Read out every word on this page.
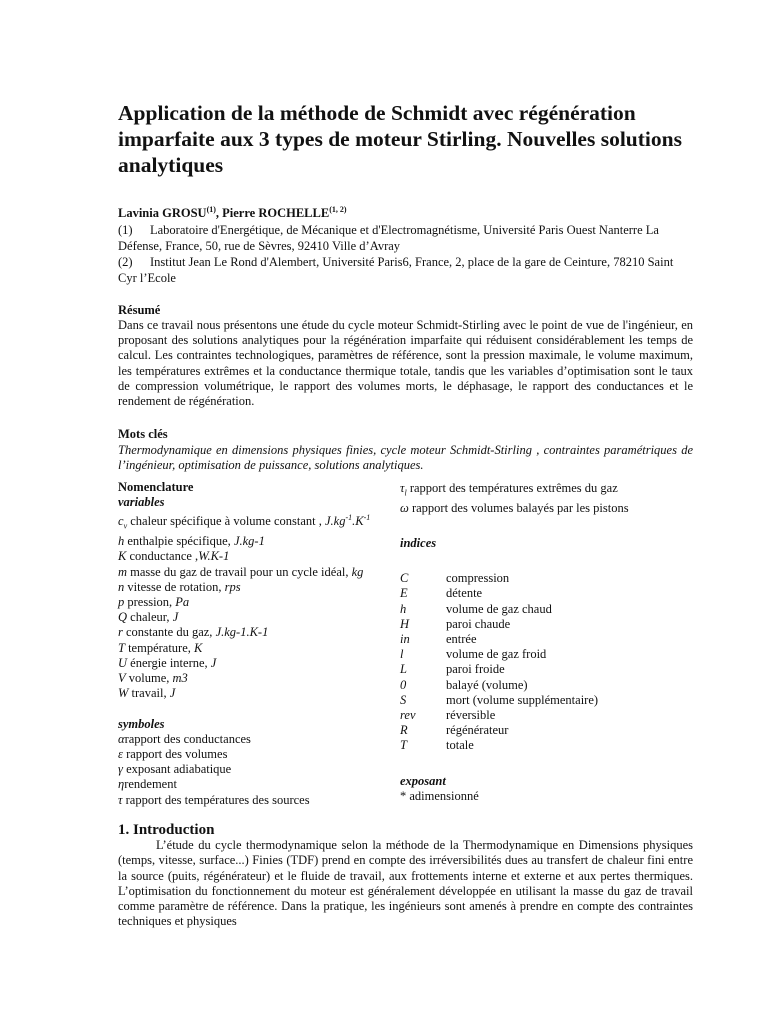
Application de la méthode de Schmidt avec régénération imparfaite aux 3 types de moteur Stirling. Nouvelles solutions analytiques
Lavinia GROSU$^{(1)}$, Pierre ROCHELLE$^{(1, 2)}$
(1) Laboratoire d'Energétique, de Mécanique et d'Electromagnétisme, Université Paris Ouest Nanterre La Défense, France, 50, rue de Sèvres, 92410 Ville d’Avray
(2) Institut Jean Le Rond d'Alembert, Université Paris6, France, 2, place de la gare de Ceinture, 78210 Saint Cyr l’Ecole
Résumé
Dans ce travail nous présentons une étude du cycle moteur Schmidt-Stirling avec le point de vue de l'ingénieur, en proposant des solutions analytiques pour la régénération imparfaite qui réduisent considérablement les temps de calcul. Les contraintes technologiques, paramètres de référence, sont la pression maximale, le volume maximum, les températures extrêmes et la conductance thermique totale, tandis que les variables d’optimisation sont le taux de compression volumétrique, le rapport des volumes morts, le déphasage, le rapport des conductances et le rendement de régénération.
Mots clés
Thermodynamique en dimensions physiques finies, cycle moteur Schmidt-Stirling , contraintes paramétriques de l’ingénieur, optimisation de puissance, solutions analytiques.
Nomenclature
variables
$c_v$ chaleur spécifique à volume constant , $J.kg^{-1}.K^{-1}$
h enthalpie spécifique, J.kg-1
K conductance ,W.K-1
m masse du gaz de travail pour un cycle idéal, kg
n vitesse de rotation, rps
p pression, Pa
Q chaleur, J
r constante du gaz, J.kg-1.K-1
T température, K
U énergie interne, J
V volume, m3
W travail, J
symboles
αrapport des conductances
ε rapport des volumes
γ exposant adiabatique
ηrendement
τ rapport des températures des sources
$\tau_l$ rapport des températures extrêmes du gaz
ω rapport des volumes balayés par les pistons
indices
C	compression
E	détente
h	volume de gaz chaud
H	paroi chaude
in	entrée
l	volume de gaz froid
L	paroi froide
0	balayé (volume)
S	mort (volume supplémentaire)
rev	réversible
R	régénérateur
T	totale
exposant
* adimensionné
1. Introduction
L’étude du cycle thermodynamique selon la méthode de la Thermodynamique en Dimensions physiques (temps, vitesse, surface...) Finies (TDF) prend en compte des irréversibilités dues au transfert de chaleur fini entre la source (puits, régénérateur) et le fluide de travail, aux frottements interne et externe et aux pertes thermiques. L’optimisation du fonctionnement du moteur est généralement développée en utilisant la masse du gaz de travail comme paramètre de référence. Dans la pratique, les ingénieurs sont amenés à prendre en compte des contraintes techniques et physiques
